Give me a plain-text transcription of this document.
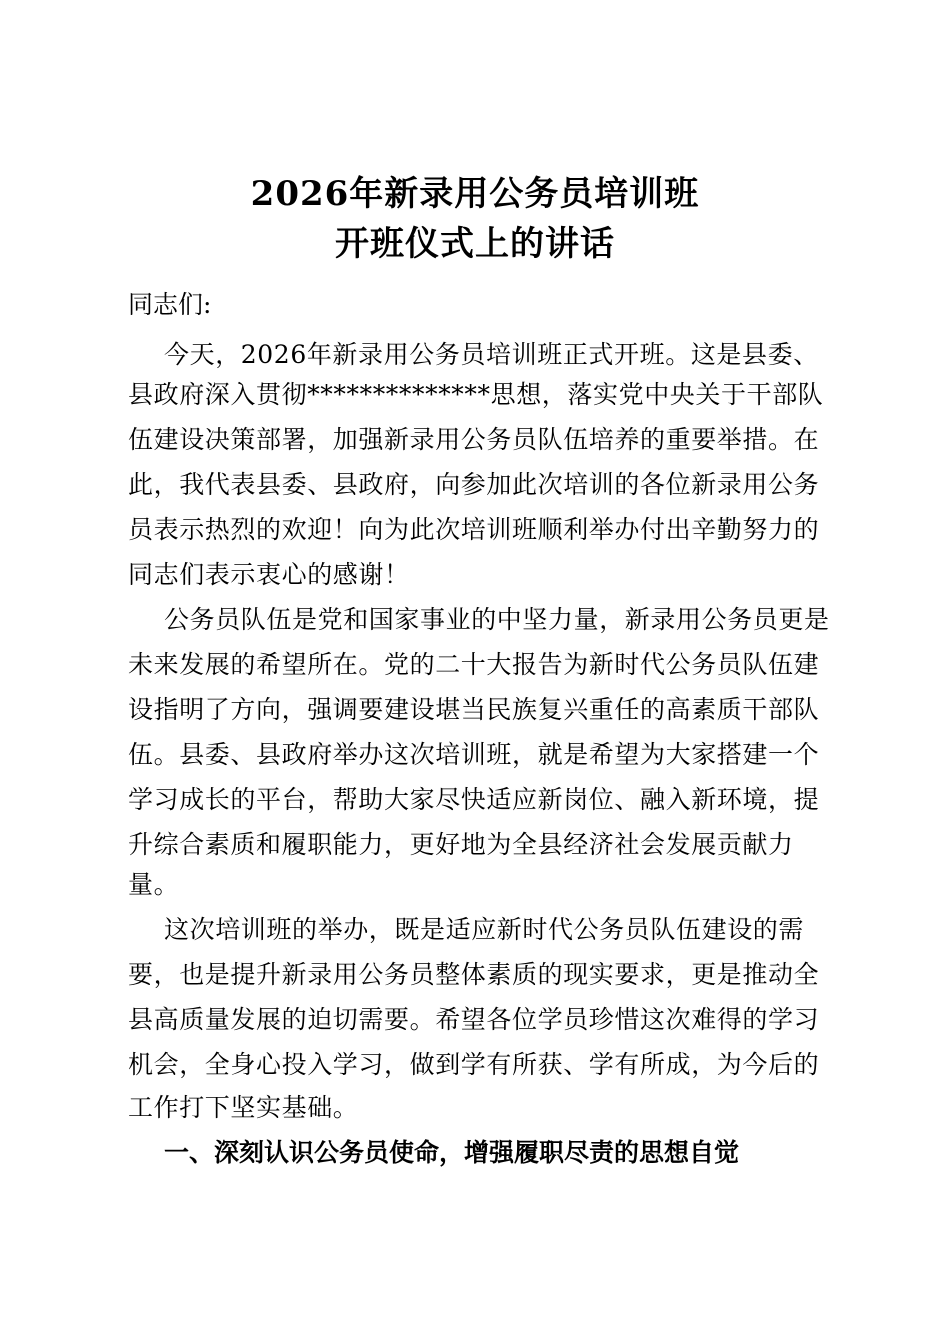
2026年新录用公务员培训班
开班仪式上的讲话
同志们:
今天，2026年新录用公务员培训班正式开班。这是县委、
县政府深入贯彻**************思想，落实党中央关于干部队
伍建设决策部署，加强新录用公务员队伍培养的重要举措。在
此，我代表县委、县政府，向参加此次培训的各位新录用公务
员表示热烈的欢迎！向为此次培训班顺利举办付出辛勤努力的
同志们表示衷心的感谢！
公务员队伍是党和国家事业的中坚力量，新录用公务员更是
未来发展的希望所在。党的二十大报告为新时代公务员队伍建
设指明了方向，强调要建设堪当民族复兴重任的高素质干部队
伍。县委、县政府举办这次培训班，就是希望为大家搭建一个
学习成长的平台，帮助大家尽快适应新岗位、融入新环境，提
升综合素质和履职能力，更好地为全县经济社会发展贡献力
量。
这次培训班的举办，既是适应新时代公务员队伍建设的需
要，也是提升新录用公务员整体素质的现实要求，更是推动全
县高质量发展的迫切需要。希望各位学员珍惜这次难得的学习
机会，全身心投入学习，做到学有所获、学有所成，为今后的
工作打下坚实基础。
一、深刻认识公务员使命，增强履职尽责的思想自觉
